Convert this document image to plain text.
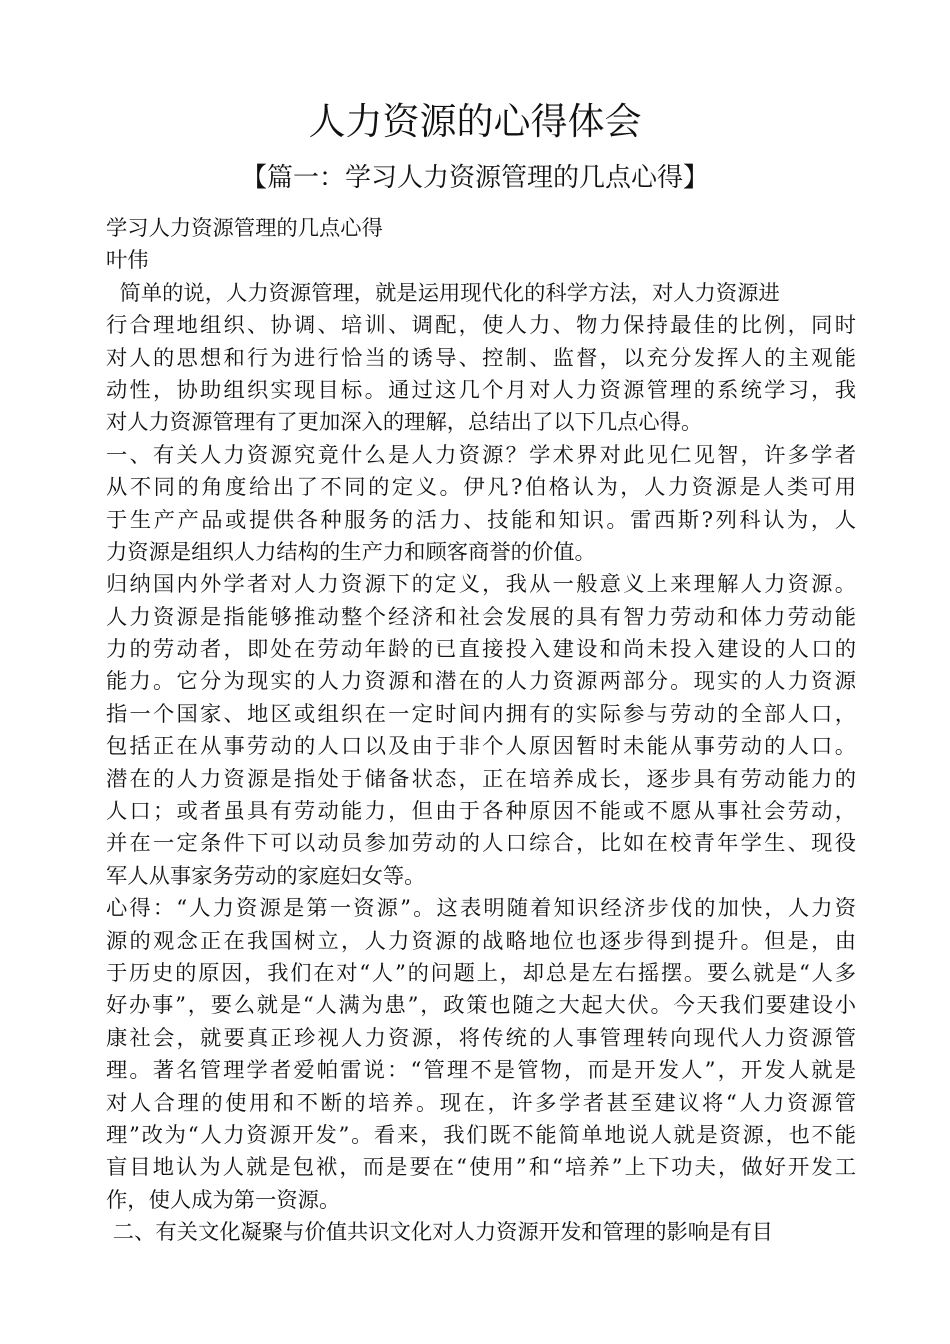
人力资源的心得体会
【篇一：学习人力资源管理的几点心得】
学习人力资源管理的几点心得
叶伟
简单的说，人力资源管理，就是运用现代化的科学方法，对人力资源进
行合理地组织、协调、培训、调配，使人力、物力保持最佳的比例，同时
对人的思想和行为进行恰当的诱导、控制、监督，以充分发挥人的主观能
动性，协助组织实现目标。通过这几个月对人力资源管理的系统学习，我
对人力资源管理有了更加深入的理解，总结出了以下几点心得。
一、有关人力资源究竟什么是人力资源？学术界对此见仁见智，许多学者
从不同的角度给出了不同的定义。伊凡?伯格认为，人力资源是人类可用
于生产产品或提供各种服务的活力、技能和知识。雷西斯?列科认为，人
力资源是组织人力结构的生产力和顾客商誉的价值。
归纳国内外学者对人力资源下的定义，我从一般意义上来理解人力资源。
人力资源是指能够推动整个经济和社会发展的具有智力劳动和体力劳动能
力的劳动者，即处在劳动年龄的已直接投入建设和尚未投入建设的人口的
能力。它分为现实的人力资源和潜在的人力资源两部分。现实的人力资源
指一个国家、地区或组织在一定时间内拥有的实际参与劳动的全部人口，
包括正在从事劳动的人口以及由于非个人原因暂时未能从事劳动的人口。
潜在的人力资源是指处于储备状态，正在培养成长，逐步具有劳动能力的
人口；或者虽具有劳动能力，但由于各种原因不能或不愿从事社会劳动，
并在一定条件下可以动员参加劳动的人口综合，比如在校青年学生、现役
军人从事家务劳动的家庭妇女等。
心得：“人力资源是第一资源”。这表明随着知识经济步伐的加快，人力资
源的观念正在我国树立，人力资源的战略地位也逐步得到提升。但是，由
于历史的原因，我们在对“人”的问题上，却总是左右摇摆。要么就是“人多
好办事”，要么就是“人满为患”，政策也随之大起大伏。今天我们要建设小
康社会，就要真正珍视人力资源，将传统的人事管理转向现代人力资源管
理。著名管理学者爱帕雷说：“管理不是管物，而是开发人”，开发人就是
对人合理的使用和不断的培养。现在，许多学者甚至建议将“人力资源管
理”改为“人力资源开发”。看来，我们既不能简单地说人就是资源，也不能
盲目地认为人就是包袱，而是要在“使用”和“培养”上下功夫，做好开发工
作，使人成为第一资源。
二、有关文化凝聚与价值共识文化对人力资源开发和管理的影响是有目
